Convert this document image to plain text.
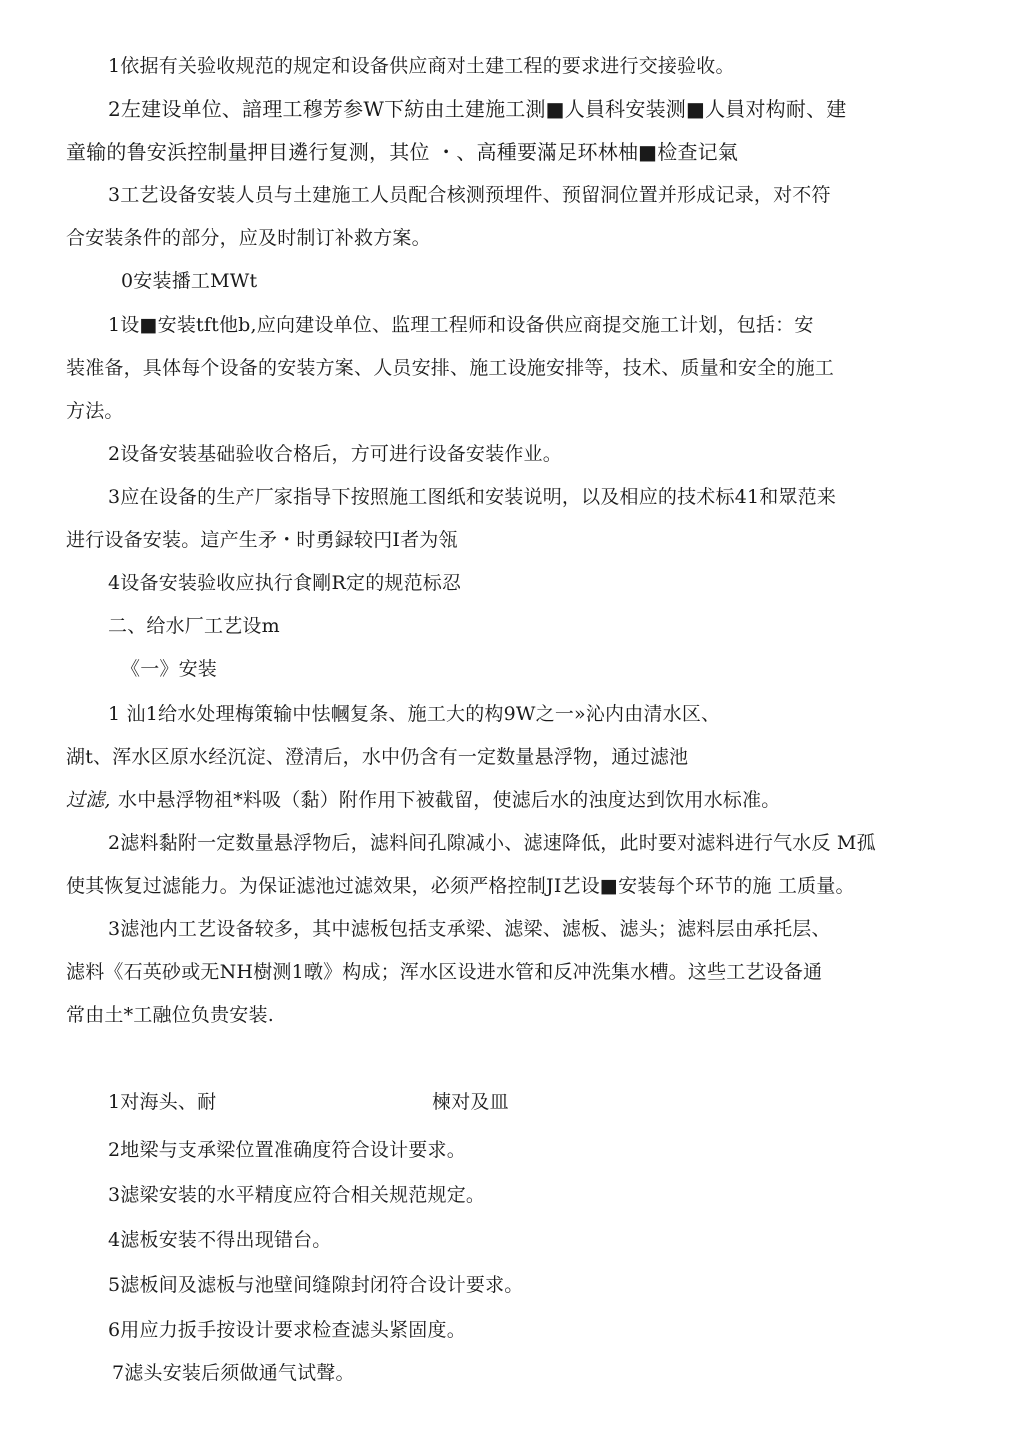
1依据有关验收规范的规定和设备供应商对土建工程的要求进行交接验收。
2左建设单位、諳理工穆芳参W下紡由土建施工測■人員科安装测■人員对构耐、建
童输的鲁安浜控制量押目遴行复测，其位 ・、高種要滿足环林柚■检查记氣
3工艺设备安装人员与土建施工人员配合核测预埋件、预留洞位置并形成记录，对不符
合安装条件的部分，应及时制订补救方案。
0安装播工MWt
1设■安装tft他b,应向建设单位、监理工程师和设备供应商提交施工计划，包括：安
装准备，具体每个设备的安装方案、人员安排、施工设施安排等，技术、质量和安全的施工
方法。
2设备安装基础验收合格后，方可进行设备安装作业。
3应在设备的生产厂家指导下按照施工图纸和安装说明，以及相应的技术标41和眾范来
进行设备安装。這产生矛・时勇録较円I者为瓴
4设备安装验收应执行食剛R定的规范标忍
二、给水厂工艺设m
《一》安装
1 汕1给水处理梅策输中怯幗复条、施工大的构9W之一»沁内由清水区、
湖t、浑水区原水经沉淀、澄清后，水中仍含有一定数量悬浮物，通过滤池
过滤, 水中悬浮物祖*料吸（黏）附作用下被截留，使滤后水的浊度达到饮用水标准。
2滤料黏附一定数量悬浮物后，滤料间孔隙减小、滤速降低，此时要对滤料进行气水反 M孤
使其恢复过滤能力。为保证滤池过滤效果，必须严格控制JI艺设■安装每个环节的施 工质量。
3滤池内工艺设备较多，其中滤板包括支承梁、滤梁、滤板、滤头；滤料层由承托层、
滤料《石英砂或无NH樹测1暾》构成；浑水区设进水管和反冲洗集水槽。这些工艺设备通
常由土*工融位负贵安装.
1对海头、耐	楝对及皿
2地梁与支承梁位置准确度符合设计要求。
3滤梁安装的水平精度应符合相关规范规定。
4滤板安装不得出现错台。
5滤板间及滤板与池壁间缝隙封闭符合设计要求。
6用应力扳手按设计要求检查滤头紧固度。
7滤头安装后须做通气试聲。
